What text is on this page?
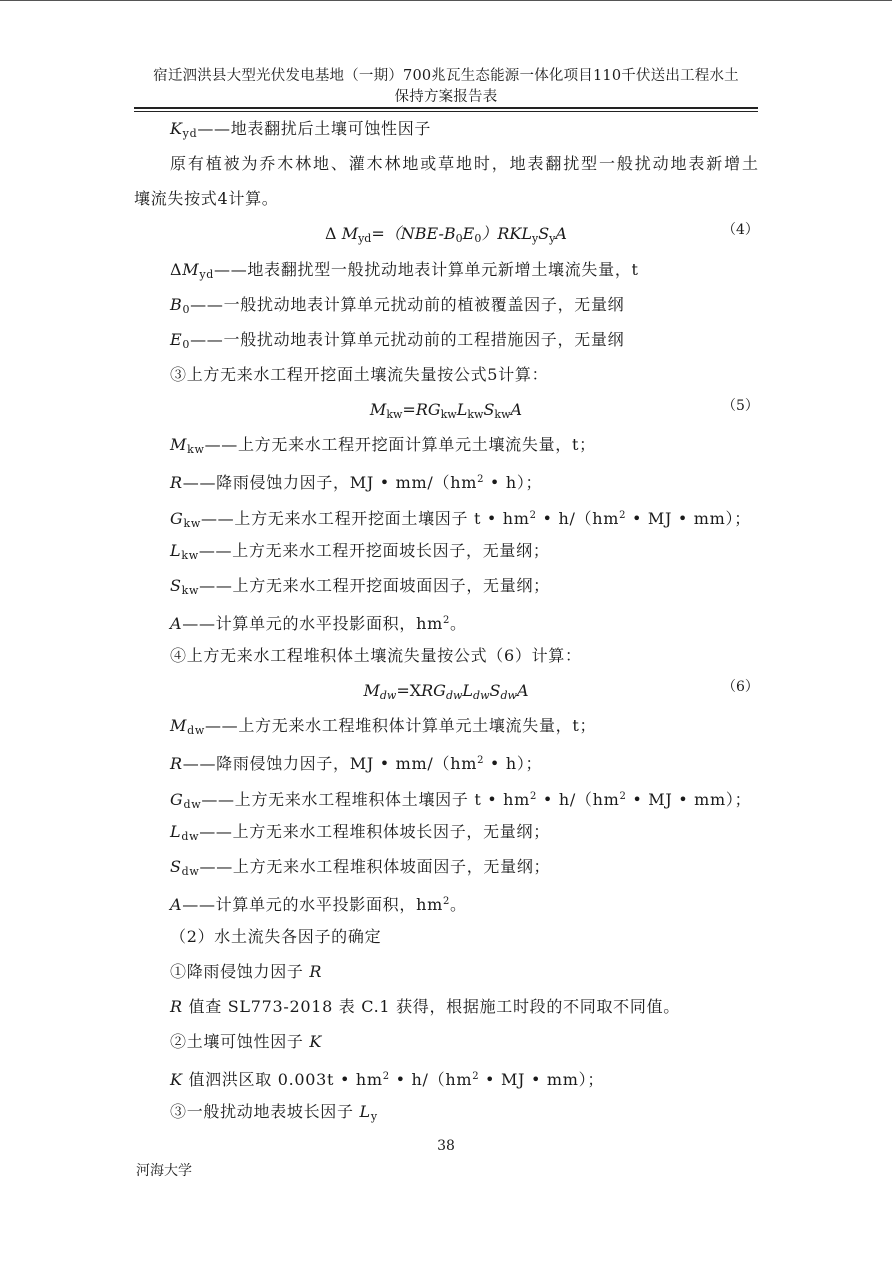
宿迁泗洪县大型光伏发电基地（一期）700兆瓦生态能源一体化项目110千伏送出工程水土
保持方案报告表
$K_{yd}——$地表翻扰后土壤可蚀性因子
原有植被为乔木林地、灌木林地或草地时，地表翻扰型一般扰动地表新增土
壤流失按式4计算。
Δ $M_{yd}=(NBE-B_0E_0)RKL_yS_yA$	（4）
$\Delta M_{yd}——$地表翻扰型一般扰动地表计算单元新增土壤流失量，t
$B_0——$一般扰动地表计算单元扰动前的植被覆盖因子，无量纲
$E_0——$一般扰动地表计算单元扰动前的工程措施因子，无量纲
③上方无来水工程开挖面土壤流失量按公式5计算：
$M_{kw}=RG_{kw}L_{kw}S_{kw}A$	（5）
$M_{kw}——$上方无来水工程开挖面计算单元土壤流失量，t；
R——降雨侵蚀力因子，MJ • $mm/(hm^2$ • h）；
$G_{kw}——$上方无来水工程开挖面土壤因子 t • $hm^2$ • $h/(hm^2$ • MJ • mm）；
$L_{kw}——$上方无来水工程开挖面坡长因子，无量纲；
$S_{kw}——$上方无来水工程开挖面坡面因子，无量纲；
A——计算单元的水平投影面积，$hm^2$。
④上方无来水工程堆积体土壤流失量按公式（6）计算：
$M_{dw}=XRG_{dw}L_{dw}S_{dw}A$	（6）
$M_{dw}——$上方无来水工程堆积体计算单元土壤流失量，t；
R——降雨侵蚀力因子，MJ • $mm/(hm^2$ • h）；
$G_{dw}——$上方无来水工程堆积体土壤因子 t • $hm^2$ • $h/(hm^2$ • MJ • mm）；
$L_{dw}——$上方无来水工程堆积体坡长因子，无量纲；
$S_{dw}——$上方无来水工程堆积体坡面因子，无量纲；
A——计算单元的水平投影面积，$hm^2$。
（2）水土流失各因子的确定
①降雨侵蚀力因子 R
R 值查 SL773-2018 表 C.1 获得，根据施工时段的不同取不同值。
②土壤可蚀性因子 K
K 值泗洪区取 0.003t • $hm^2$ • $h/(hm^2$ • MJ • mm）；
③一般扰动地表坡长因子 $L_y$
38
河海大学
